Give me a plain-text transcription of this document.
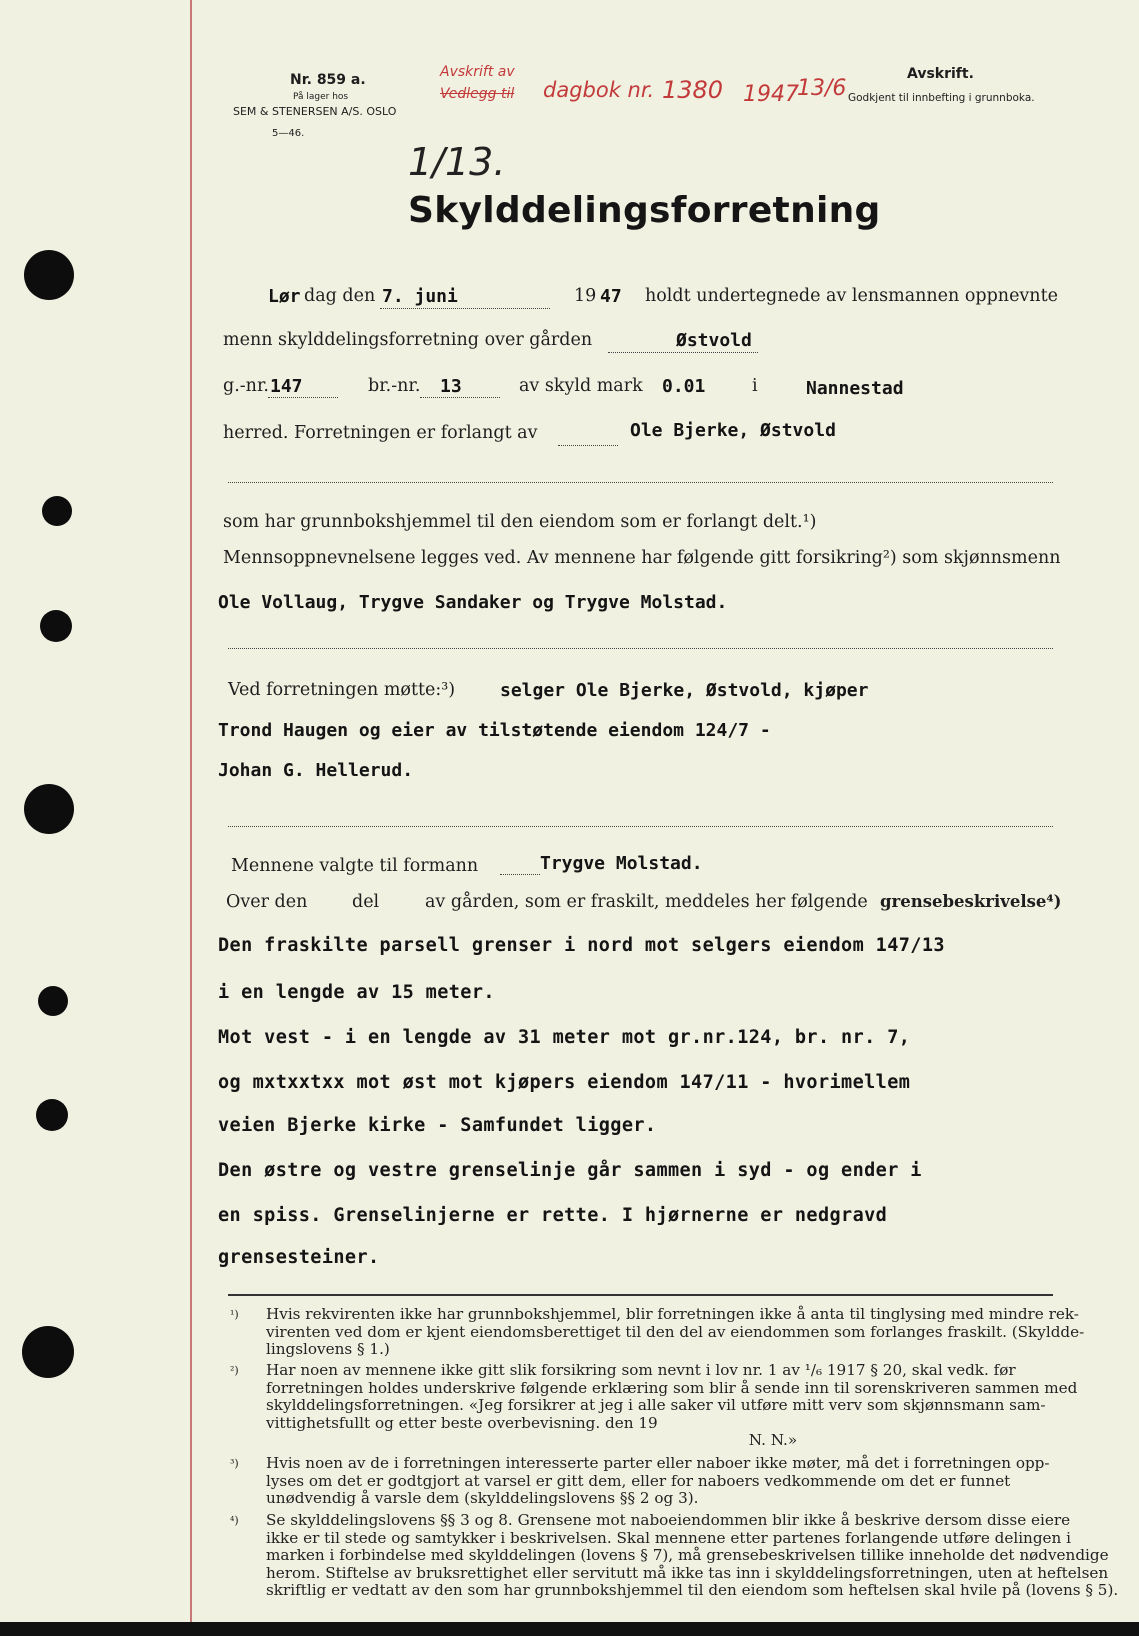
Nr. 859 a.
På lager hos
SEM & STENERSEN A/S. OSLO
5—46.
Avskrift av
Vedlegg til dagbok nr. 1380 1947
13/6
Avskrift.
Godkjent til innbefting i grunnboka.
1/13.
Skylddelingsforretning
Lør dag den 7. juni	19 47 holdt undertegnede av lensmannen oppnevnte
menn skylddelingsforretning over gården	Østvold
g.-nr. 147	br.-nr. 13	av skyld mark 0.01	i	Nannestad
herred. Forretningen er forlangt av	Ole Bjerke, Østvold
som har grunnbokshjemmel til den eiendom som er forlangt delt.¹)
Mennsoppnevnelsene legges ved. Av mennene har følgende gitt forsikring²) som skjønnsmenn
Ole Vollaug, Trygve Sandaker og Trygve Molstad.
Ved forretningen møtte:³) selger Ole Bjerke, Østvold, kjøper
Trond Haugen og eier av tilstøtende eiendom 124/7 -
Johan G. Hellerud.
Mennene valgte til formann	Trygve Molstad.
Over den	del	av gården, som er fraskilt, meddeles her følgende grensebeskrivelse⁴)
Den fraskilte parsell grenser i nord mot selgers eiendom 147/13
i en lengde av 15 meter.
Mot vest - i en lengde av 31 meter mot gr.nr.124, br. nr. 7,
og mxtxxtxx mot øst mot kjøpers eiendom 147/11 - hvorimellem
veien Bjerke kirke - Samfundet ligger.
Den østre og vestre grenselinje går sammen i syd - og ender i
en spiss. Grenselinjerne er rette. I hjørnerne er nedgravd
grensesteiner.
¹) Hvis rekvirenten ikke har grunnbokshjemmel, blir forretningen ikke å anta til tinglysing med mindre rek-
virenten ved dom er kjent eiendomsberettiget til den del av eiendommen som forlanges fraskilt. (Skyldde-
lingslovens § 1.)
²) Har noen av mennene ikke gitt slik forsikring som nevnt i lov nr. 1 av ¹/₆ 1917 § 20, skal vedk. før
forretningen holdes underskrive følgende erklæring som blir å sende inn til sorenskriveren sammen med
skylddelingsforretningen. «Jeg forsikrer at jeg i alle saker vil utføre mitt verv som skjønnsmann sam-
vittighetsfullt og etter beste overbevisning. den 19
N. N.»
³) Hvis noen av de i forretningen interesserte parter eller naboer ikke møter, må det i forretningen opp-
lyses om det er godtgjort at varsel er gitt dem, eller for naboers vedkommende om det er funnet
unødvendig å varsle dem (skylddelingslovens §§ 2 og 3).
⁴) Se skylddelingslovens §§ 3 og 8. Grensene mot naboeiendommen blir ikke å beskrive dersom disse eiere
ikke er til stede og samtykker i beskrivelsen. Skal mennene etter partenes forlangende utføre delingen i
marken i forbindelse med skylddelingen (lovens § 7), må grensebeskrivelsen tillike inneholde det nødvendige
herom. Stiftelse av bruksrettighet eller servitutt må ikke tas inn i skylddelingsforretningen, uten at heftelsen
skriftlig er vedtatt av den som har grunnbokshjemmel til den eiendom som heftelsen skal hvile på (lovens § 5).
